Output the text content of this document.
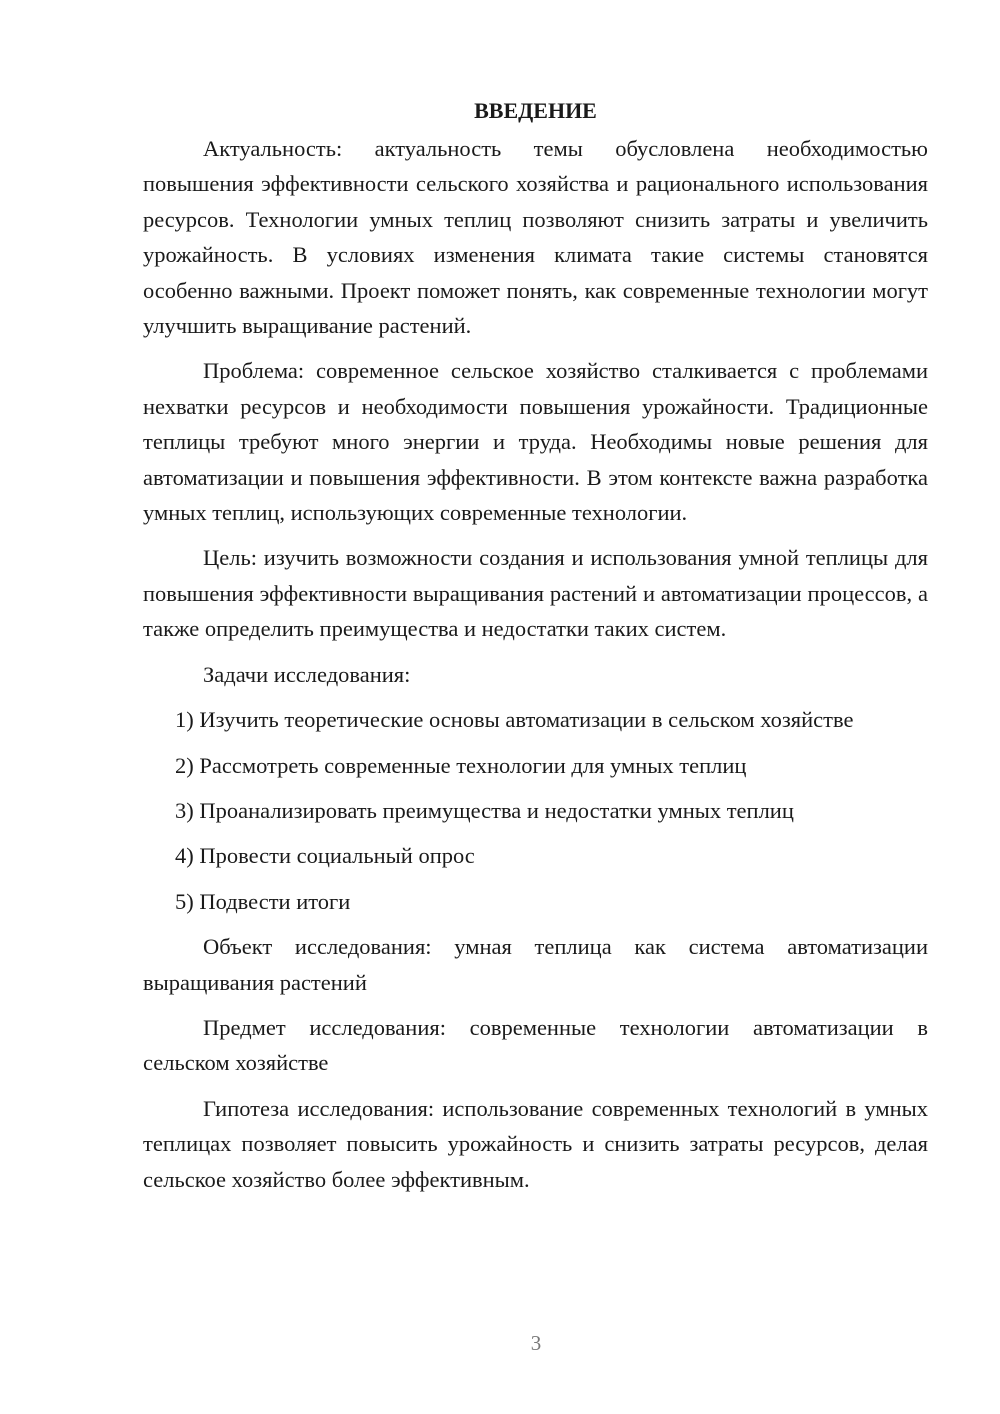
ВВЕДЕНИЕ

Актуальность: актуальность темы обусловлена необходимостью повышения эффективности сельского хозяйства и рационального использования ресурсов. Технологии умных теплиц позволяют снизить затраты и увеличить урожайность. В условиях изменения климата такие системы становятся особенно важными. Проект поможет понять, как современные технологии могут улучшить выращивание растений.

Проблема: современное сельское хозяйство сталкивается с проблемами нехватки ресурсов и необходимости повышения урожайности. Традиционные теплицы требуют много энергии и труда. Необходимы новые решения для автоматизации и повышения эффективности. В этом контексте важна разработка умных теплиц, использующих современные технологии.

Цель: изучить возможности создания и использования умной теплицы для повышения эффективности выращивания растений и автоматизации процессов, а также определить преимущества и недостатки таких систем.

Задачи исследования:

1) Изучить теоретические основы автоматизации в сельском хозяйстве
2) Рассмотреть современные технологии для умных теплиц
3) Проанализировать преимущества и недостатки умных теплиц
4) Провести социальный опрос
5) Подвести итоги

Объект исследования: умная теплица как система автоматизации выращивания растений

Предмет исследования: современные технологии автоматизации в сельском хозяйстве

Гипотеза исследования: использование современных технологий в умных теплицах позволяет повысить урожайность и снизить затраты ресурсов, делая сельское хозяйство более эффективным.

3
